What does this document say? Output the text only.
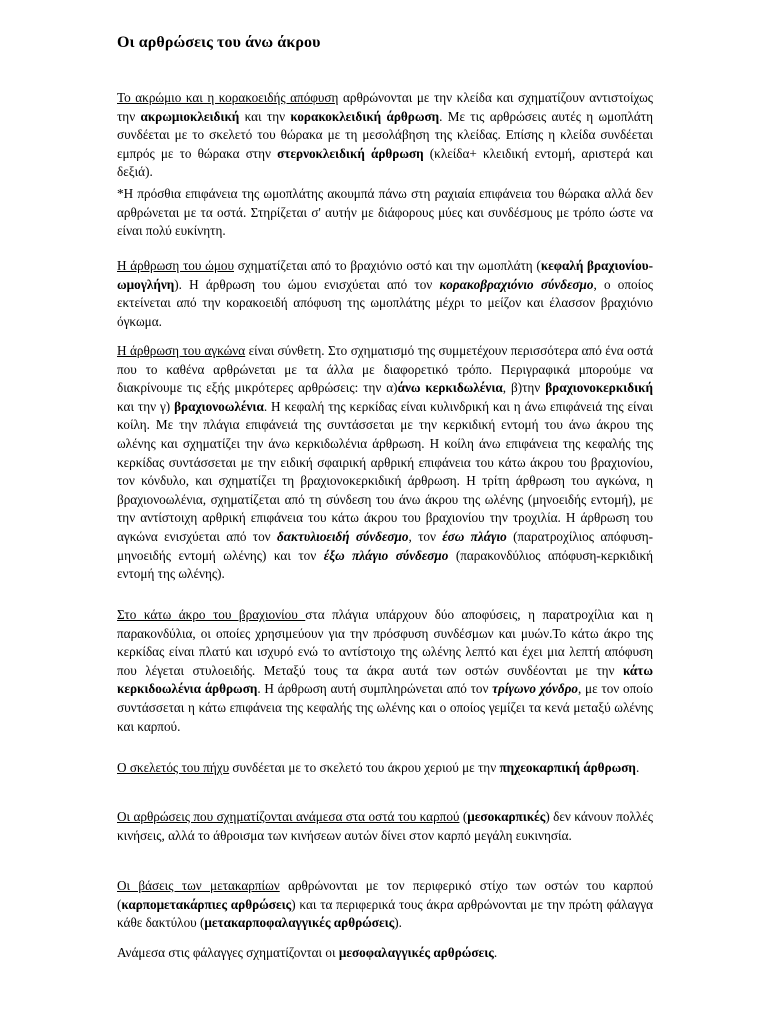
Οι αρθρώσεις του άνω άκρου
Το ακρώμιο και η κορακοειδής απόφυση αρθρώνονται με την κλείδα και σχηματίζουν αντιστοίχως την ακρωμιοκλειδική και την κορακοκλειδική άρθρωση. Με τις αρθρώσεις αυτές η ωμοπλάτη συνδέεται με το σκελετό του θώρακα με τη μεσολάβηση της κλείδας. Επίσης η κλείδα συνδέεται εμπρός με το θώρακα στην στερνοκλειδική άρθρωση (κλείδα+ κλειδική εντομή, αριστερά και δεξιά).
*Η πρόσθια επιφάνεια της ωμοπλάτης ακουμπά πάνω στη ραχιαία επιφάνεια του θώρακα αλλά δεν αρθρώνεται με τα οστά. Στηρίζεται σ' αυτήν με διάφορους μύες και συνδέσμους με τρόπο ώστε να είναι πολύ ευκίνητη.
Η άρθρωση του ώμου σχηματίζεται από το βραχιόνιο οστό και την ωμοπλάτη (κεφαλή βραχιονίου-ωμογλήνη). Η άρθρωση του ώμου ενισχύεται από τον κορακοβραχιόνιο σύνδεσμο, ο οποίος εκτείνεται από την κορακοειδή απόφυση της ωμοπλάτης μέχρι το μείζον και έλασσον βραχιόνιο όγκωμα.
Η άρθρωση του αγκώνα είναι σύνθετη. Στο σχηματισμό της συμμετέχουν περισσότερα από ένα οστά που το καθένα αρθρώνεται με τα άλλα με διαφορετικό τρόπο. Περιγραφικά μπορούμε να διακρίνουμε τις εξής μικρότερες αρθρώσεις: την α)άνω κερκιδωλένια, β)την βραχιονοκερκιδική και την γ) βραχιονοωλένια. Η κεφαλή της κερκίδας είναι κυλινδρική και η άνω επιφάνειά της είναι κοίλη. Με την πλάγια επιφάνειά της συντάσσεται με την κερκιδική εντομή του άνω άκρου της ωλένης και σχηματίζει την άνω κερκιδωλένια άρθρωση. Η κοίλη άνω επιφάνεια της κεφαλής της κερκίδας συντάσσεται με την ειδική σφαιρική αρθρική επιφάνεια του κάτω άκρου του βραχιονίου, τον κόνδυλο, και σχηματίζει τη βραχιονοκερκιδική άρθρωση. Η τρίτη άρθρωση του αγκώνα, η βραχιονοωλένια, σχηματίζεται από τη σύνδεση του άνω άκρου της ωλένης (μηνοειδής εντομή), με την αντίστοιχη αρθρική επιφάνεια του κάτω άκρου του βραχιονίου την τροχιλία. Η άρθρωση του αγκώνα ενισχύεται από τον δακτυλιοειδή σύνδεσμο, τον έσω πλάγιο (παρατροχίλιος απόφυση-μηνοειδής εντομή ωλένης) και τον έξω πλάγιο σύνδεσμο (παρακονδύλιος απόφυση-κερκιδική εντομή της ωλένης).
Στο κάτω άκρο του βραχιονίου στα πλάγια υπάρχουν δύο αποφύσεις, η παρατροχίλια και η παρακονδύλια, οι οποίες χρησιμεύουν για την πρόσφυση συνδέσμων και μυών.Το κάτω άκρο της κερκίδας είναι πλατύ και ισχυρό ενώ το αντίστοιχο της ωλένης λεπτό και έχει μια λεπτή απόφυση που λέγεται στυλοειδής. Μεταξύ τους τα άκρα αυτά των οστών συνδέονται με την κάτω κερκιδοωλένια άρθρωση. Η άρθρωση αυτή συμπληρώνεται από τον τρίγωνο χόνδρο, με τον οποίο συντάσσεται η κάτω επιφάνεια της κεφαλής της ωλένης και ο οποίος γεμίζει τα κενά μεταξύ ωλένης και καρπού.
Ο σκελετός του πήχυ συνδέεται με το σκελετό του άκρου χεριού με την πηχεοκαρπική άρθρωση.
Οι αρθρώσεις που σχηματίζονται ανάμεσα στα οστά του καρπού (μεσοκαρπικές) δεν κάνουν πολλές κινήσεις, αλλά το άθροισμα των κινήσεων αυτών δίνει στον καρπό μεγάλη ευκινησία.
Οι βάσεις των μετακαρπίων αρθρώνονται με τον περιφερικό στίχο των οστών του καρπού (καρπομετακάρπιες αρθρώσεις) και τα περιφερικά τους άκρα αρθρώνονται με την πρώτη φάλαγγα κάθε δακτύλου (μετακαρποφαλαγγικές αρθρώσεις).
Ανάμεσα στις φάλαγγες σχηματίζονται οι μεσοφαλαγγικές αρθρώσεις.
